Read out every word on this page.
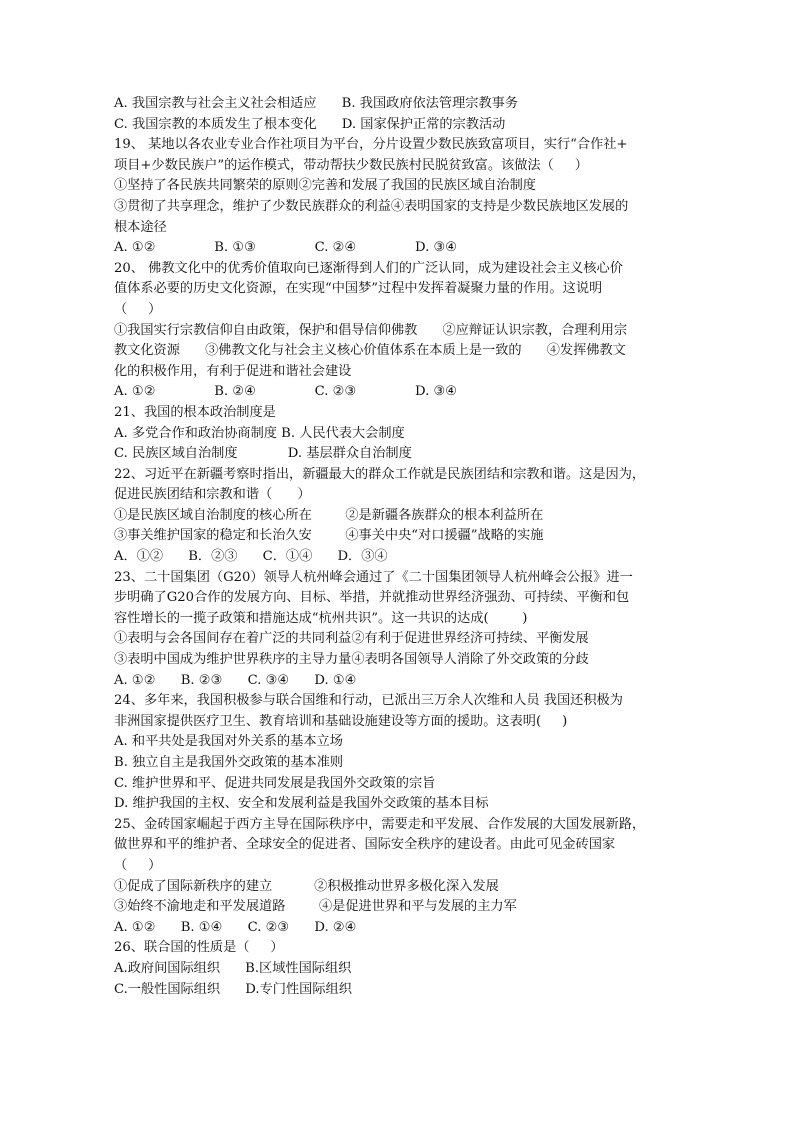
A. 我国宗教与社会主义社会相适应      B. 我国政府依法管理宗教事务
C. 我国宗教的本质发生了根本变化      D. 国家保护正常的宗教活动
19、 某地以各农业专业合作社项目为平台，分片设置少数民族致富项目，实行“合作社+
项目+少数民族户”的运作模式，带动帮扶少数民族村民脱贫致富。该做法（     ）
①坚持了各民族共同繁荣的原则②完善和发展了我国的民族区域自治制度
③贯彻了共享理念，维护了少数民族群众的利益④表明国家的支持是少数民族地区发展的
根本途径
A. ①②              B. ①③              C. ②④              D. ③④
20、 佛教文化中的优秀价值取向已逐渐得到人们的广泛认同，成为建设社会主义核心价
值体系必要的历史文化资源，在实现“中国梦”过程中发挥着凝聚力量的作用。这说明
（     ）
①我国实行宗教信仰自由政策，保护和倡导信仰佛教      ②应辩证认识宗教，合理利用宗
教文化资源      ③佛教文化与社会主义核心价值体系在本质上是一致的      ④发挥佛教文
化的积极作用，有利于促进和谐社会建设
A. ①②              B. ②④              C. ②③              D. ③④
21、我国的根本政治制度是
A. 多党合作和政治协商制度 B. 人民代表大会制度
C. 民族区域自治制度            D. 基层群众自治制度
22、习近平在新疆考察时指出，新疆最大的群众工作就是民族团结和宗教和谐。这是因为，
促进民族团结和宗教和谐（      ）
①是民族区域自治制度的核心所在        ②是新疆各族群众的根本利益所在
③事关维护国家的稳定和长治久安        ④事关中央“对口援疆”战略的实施
A．①②      B．②③      C．①④      D．③④
23、二十国集团（G20）领导人杭州峰会通过了《二十国集团领导人杭州峰会公报》进一
步明确了G20合作的发展方向、目标、举措，并就推动世界经济强劲、可持续、平衡和包
容性增长的一揽子政策和措施达成“杭州共识”。这一共识的达成(        )
①表明与会各国间存在着广泛的共同利益②有利于促进世界经济可持续、平衡发展
③表明中国成为维护世界秩序的主导力量④表明各国领导人消除了外交政策的分歧
A. ①②      B. ②③      C. ③④      D. ①④
24、多年来，我国积极参与联合国维和行动，已派出三万余人次维和人员 我国还积极为
非洲国家提供医疗卫生、教育培训和基础设施建设等方面的援助。这表明(     )
A. 和平共处是我国对外关系的基本立场
B. 独立自主是我国外交政策的基本准则
C. 维护世界和平、促进共同发展是我国外交政策的宗旨
D. 维护我国的主权、安全和发展利益是我国外交政策的基本目标
25、金砖国家崛起于西方主导在国际秩序中，需要走和平发展、合作发展的大国发展新路，
做世界和平的维护者、全球安全的促进者、国际安全秩序的建设者。由此可见金砖国家
（     ）
①促成了国际新秩序的建立          ②积极推动世界多极化深入发展
③始终不渝地走和平发展道路        ④是促进世界和平与发展的主力军
A. ①②      B. ①④      C. ②③      D. ②④
26、联合国的性质是（     ）
A.政府间国际组织      B.区域性国际组织
C.一般性国际组织      D.专门性国际组织
